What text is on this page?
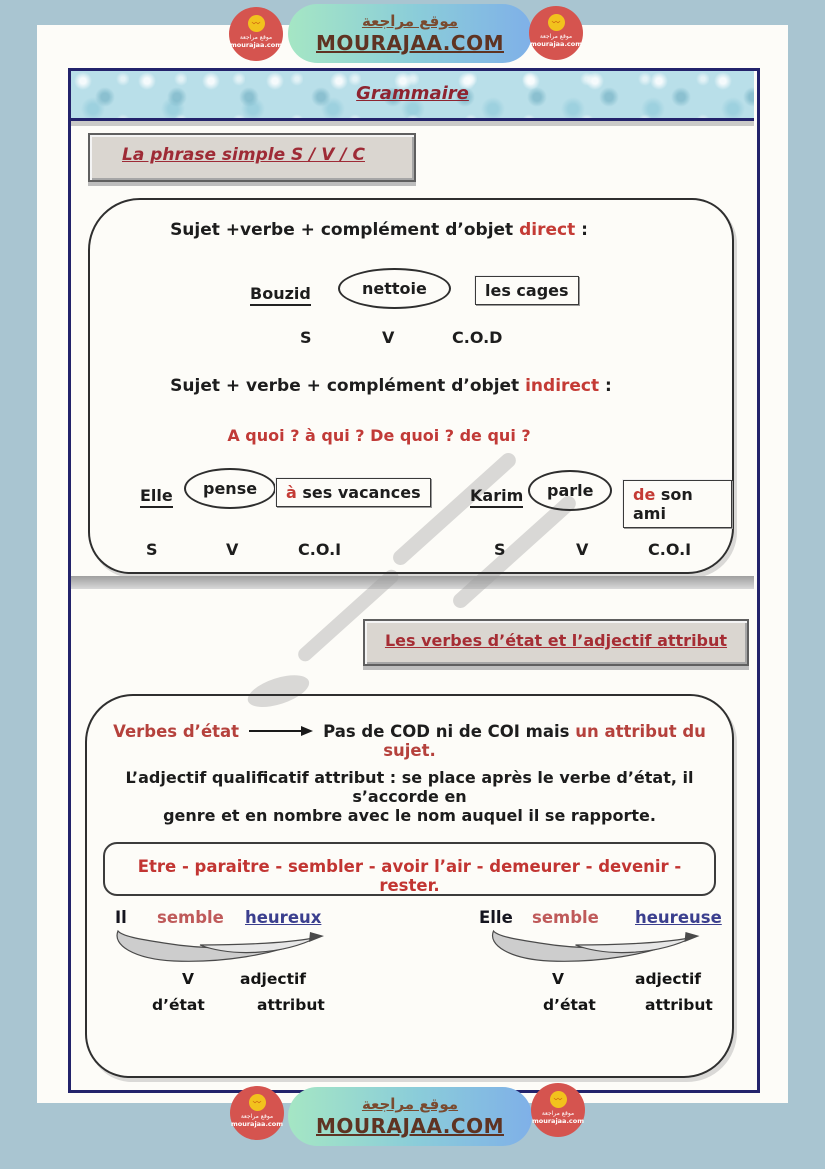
Grammaire
La phrase simple S / V / C
Sujet +verbe + complément d’objet direct :
Bouzid	nettoie	les cages
S	V	C.O.D
Sujet + verbe + complément d’objet indirect :
A quoi ? à qui ? De quoi ? de qui ?
Elle	pense	à ses vacances	Karim	parle	de son ami
S	V	C.O.I	S	V	C.O.I
Les verbes d’état et l’adjectif attribut
Verbes d’état	Pas de COD ni de COI mais un attribut du sujet.
L’adjectif qualificatif attribut : se place après le verbe d’état, il s’accorde en
genre et en nombre avec le nom auquel il se rapporte.
Etre - paraitre - sembler - avoir l’air - demeurer - devenir - rester.
Il semble heureux
V	adjectif
d’état	attribut
Elle semble heureuse
V	adjectif
d’état	attribut
موقع مراجعة
MOURAJAA.COM
〰
موقع مراجعة
mourajaa.com
〰
موقع مراجعة
mourajaa.com
موقع مراجعة
MOURAJAA.COM
〰
موقع مراجعة
mourajaa.com
〰
موقع مراجعة
mourajaa.com
